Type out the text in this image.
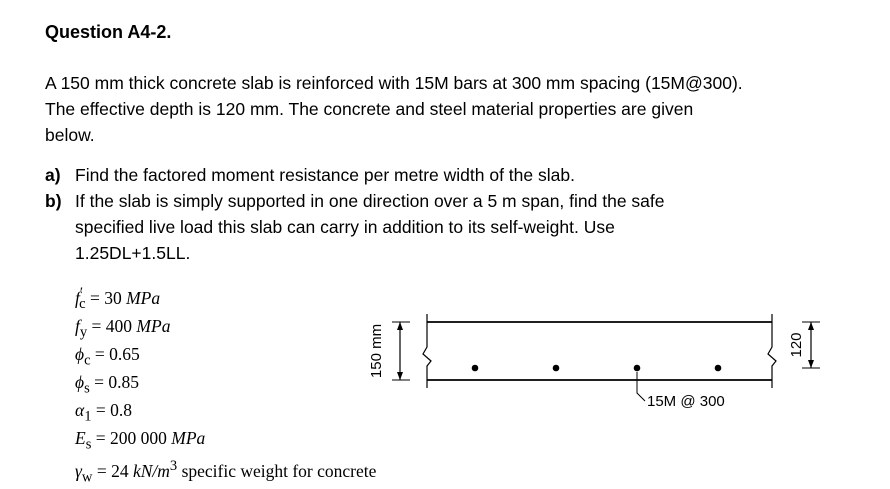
Question A4-2.
A 150 mm thick concrete slab is reinforced with 15M bars at 300 mm spacing (15M@300).
The effective depth is 120 mm. The concrete and steel material properties are given
below.
a) Find the factored moment resistance per metre width of the slab.
b) If the slab is simply supported in one direction over a 5 m span, find the safe
specified live load this slab can carry in addition to its self-weight. Use
1.25DL+1.5LL.
$f'_c = 30$ MPa
$f_y = 400$ MPa
$\phi_c = 0.65$
$\phi_s = 0.85$
$\alpha_1 = 0.8$
$E_s = 200$ 000 MPa
$\gamma_w = 24$ $kN/m^3$ specific weight for concrete
150 mm	120
15M @ 300
